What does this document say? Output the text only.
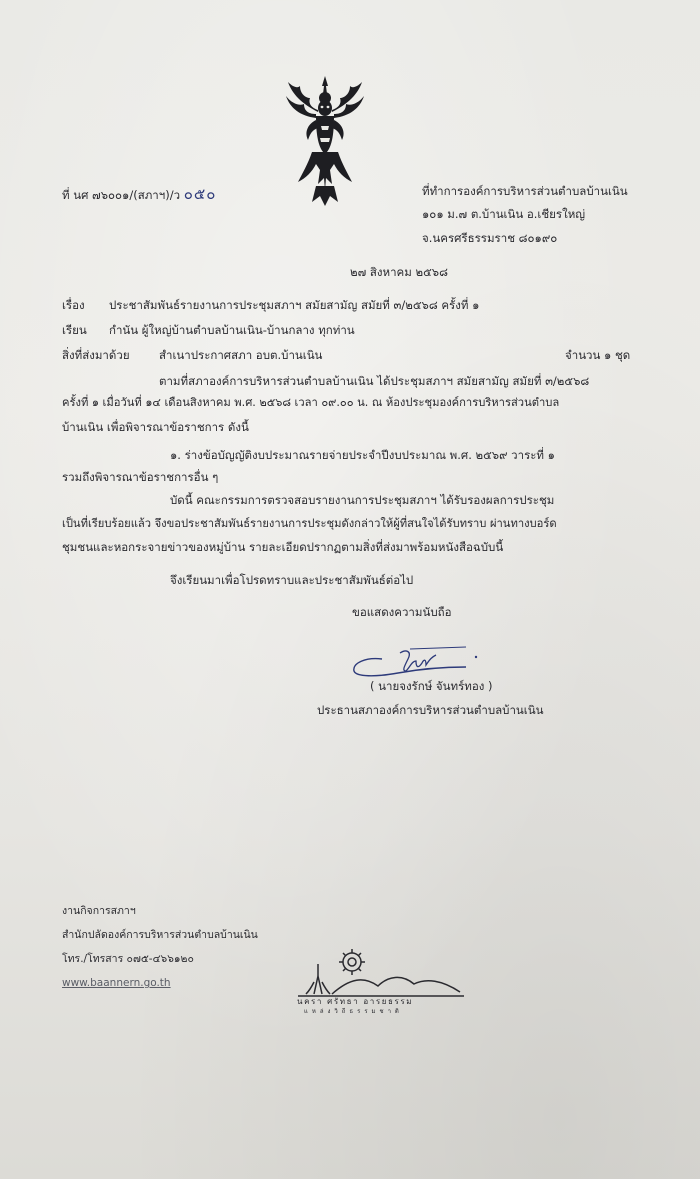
ที่ นศ ๗๖๐๐๑/(สภาฯ)/ว ๐๕๐	ที่ทำการองค์การบริหารส่วนตำบลบ้านเนิน
๑๐๑ ม.๗ ต.บ้านเนิน อ.เชียรใหญ่
จ.นครศรีธรรมราช ๘๐๑๙๐
๒๗ สิงหาคม ๒๕๖๘
เรื่อง ประชาสัมพันธ์รายงานการประชุมสภาฯ สมัยสามัญ สมัยที่ ๓/๒๕๖๘ ครั้งที่ ๑
เรียน กำนัน ผู้ใหญ่บ้านตำบลบ้านเนิน-บ้านกลาง ทุกท่าน
สิ่งที่ส่งมาด้วย	สำเนาประกาศสภา อบต.บ้านเนิน	จำนวน ๑ ชุด
ตามที่สภาองค์การบริหารส่วนตำบลบ้านเนิน ได้ประชุมสภาฯ สมัยสามัญ สมัยที่ ๓/๒๕๖๘
ครั้งที่ ๑ เมื่อวันที่ ๑๔ เดือนสิงหาคม พ.ศ. ๒๕๖๘ เวลา ๐๙.๐๐ น. ณ ห้องประชุมองค์การบริหารส่วนตำบล
บ้านเนิน เพื่อพิจารณาข้อราชการ ดังนี้
๑. ร่างข้อบัญญัติงบประมาณรายจ่ายประจำปีงบประมาณ พ.ศ. ๒๕๖๙ วาระที่ ๑
รวมถึงพิจารณาข้อราชการอื่น ๆ
บัดนี้ คณะกรรมการตรวจสอบรายงานการประชุมสภาฯ ได้รับรองผลการประชุม
เป็นที่เรียบร้อยแล้ว จึงขอประชาสัมพันธ์รายงานการประชุมดังกล่าวให้ผู้ที่สนใจได้รับทราบ ผ่านทางบอร์ด
ชุมชนและหอกระจายข่าวของหมู่บ้าน รายละเอียดปรากฏตามสิ่งที่ส่งมาพร้อมหนังสือฉบับนี้
จึงเรียนมาเพื่อโปรดทราบและประชาสัมพันธ์ต่อไป
ขอแสดงความนับถือ
( นายจงรักษ์ จันทร์ทอง )
ประธานสภาองค์การบริหารส่วนตำบลบ้านเนิน
งานกิจการสภาฯ
สำนักปลัดองค์การบริหารส่วนตำบลบ้านเนิน
โทร./โทรสาร ๐๗๕-๔๖๖๑๒๐
www.baannern.go.th
นครา ศรัทธา อารยธรรม
แหล่งวิถีธรรมชาติ
